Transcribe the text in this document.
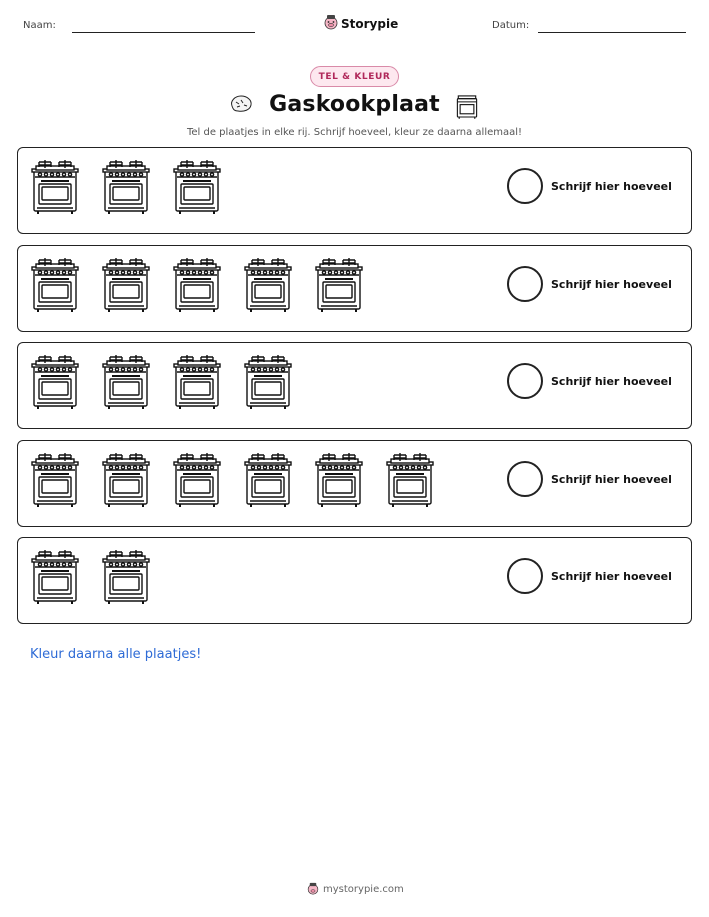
Naam:	Storypie	Datum:
TEL & KLEUR
Gaskookplaat
Tel de plaatjes in elke rij. Schrijf hoeveel, kleur ze daarna allemaal!
Schrijf hier hoeveel
Schrijf hier hoeveel
Schrijf hier hoeveel
Schrijf hier hoeveel
Schrijf hier hoeveel
Kleur daarna alle plaatjes!
mystorypie.com
